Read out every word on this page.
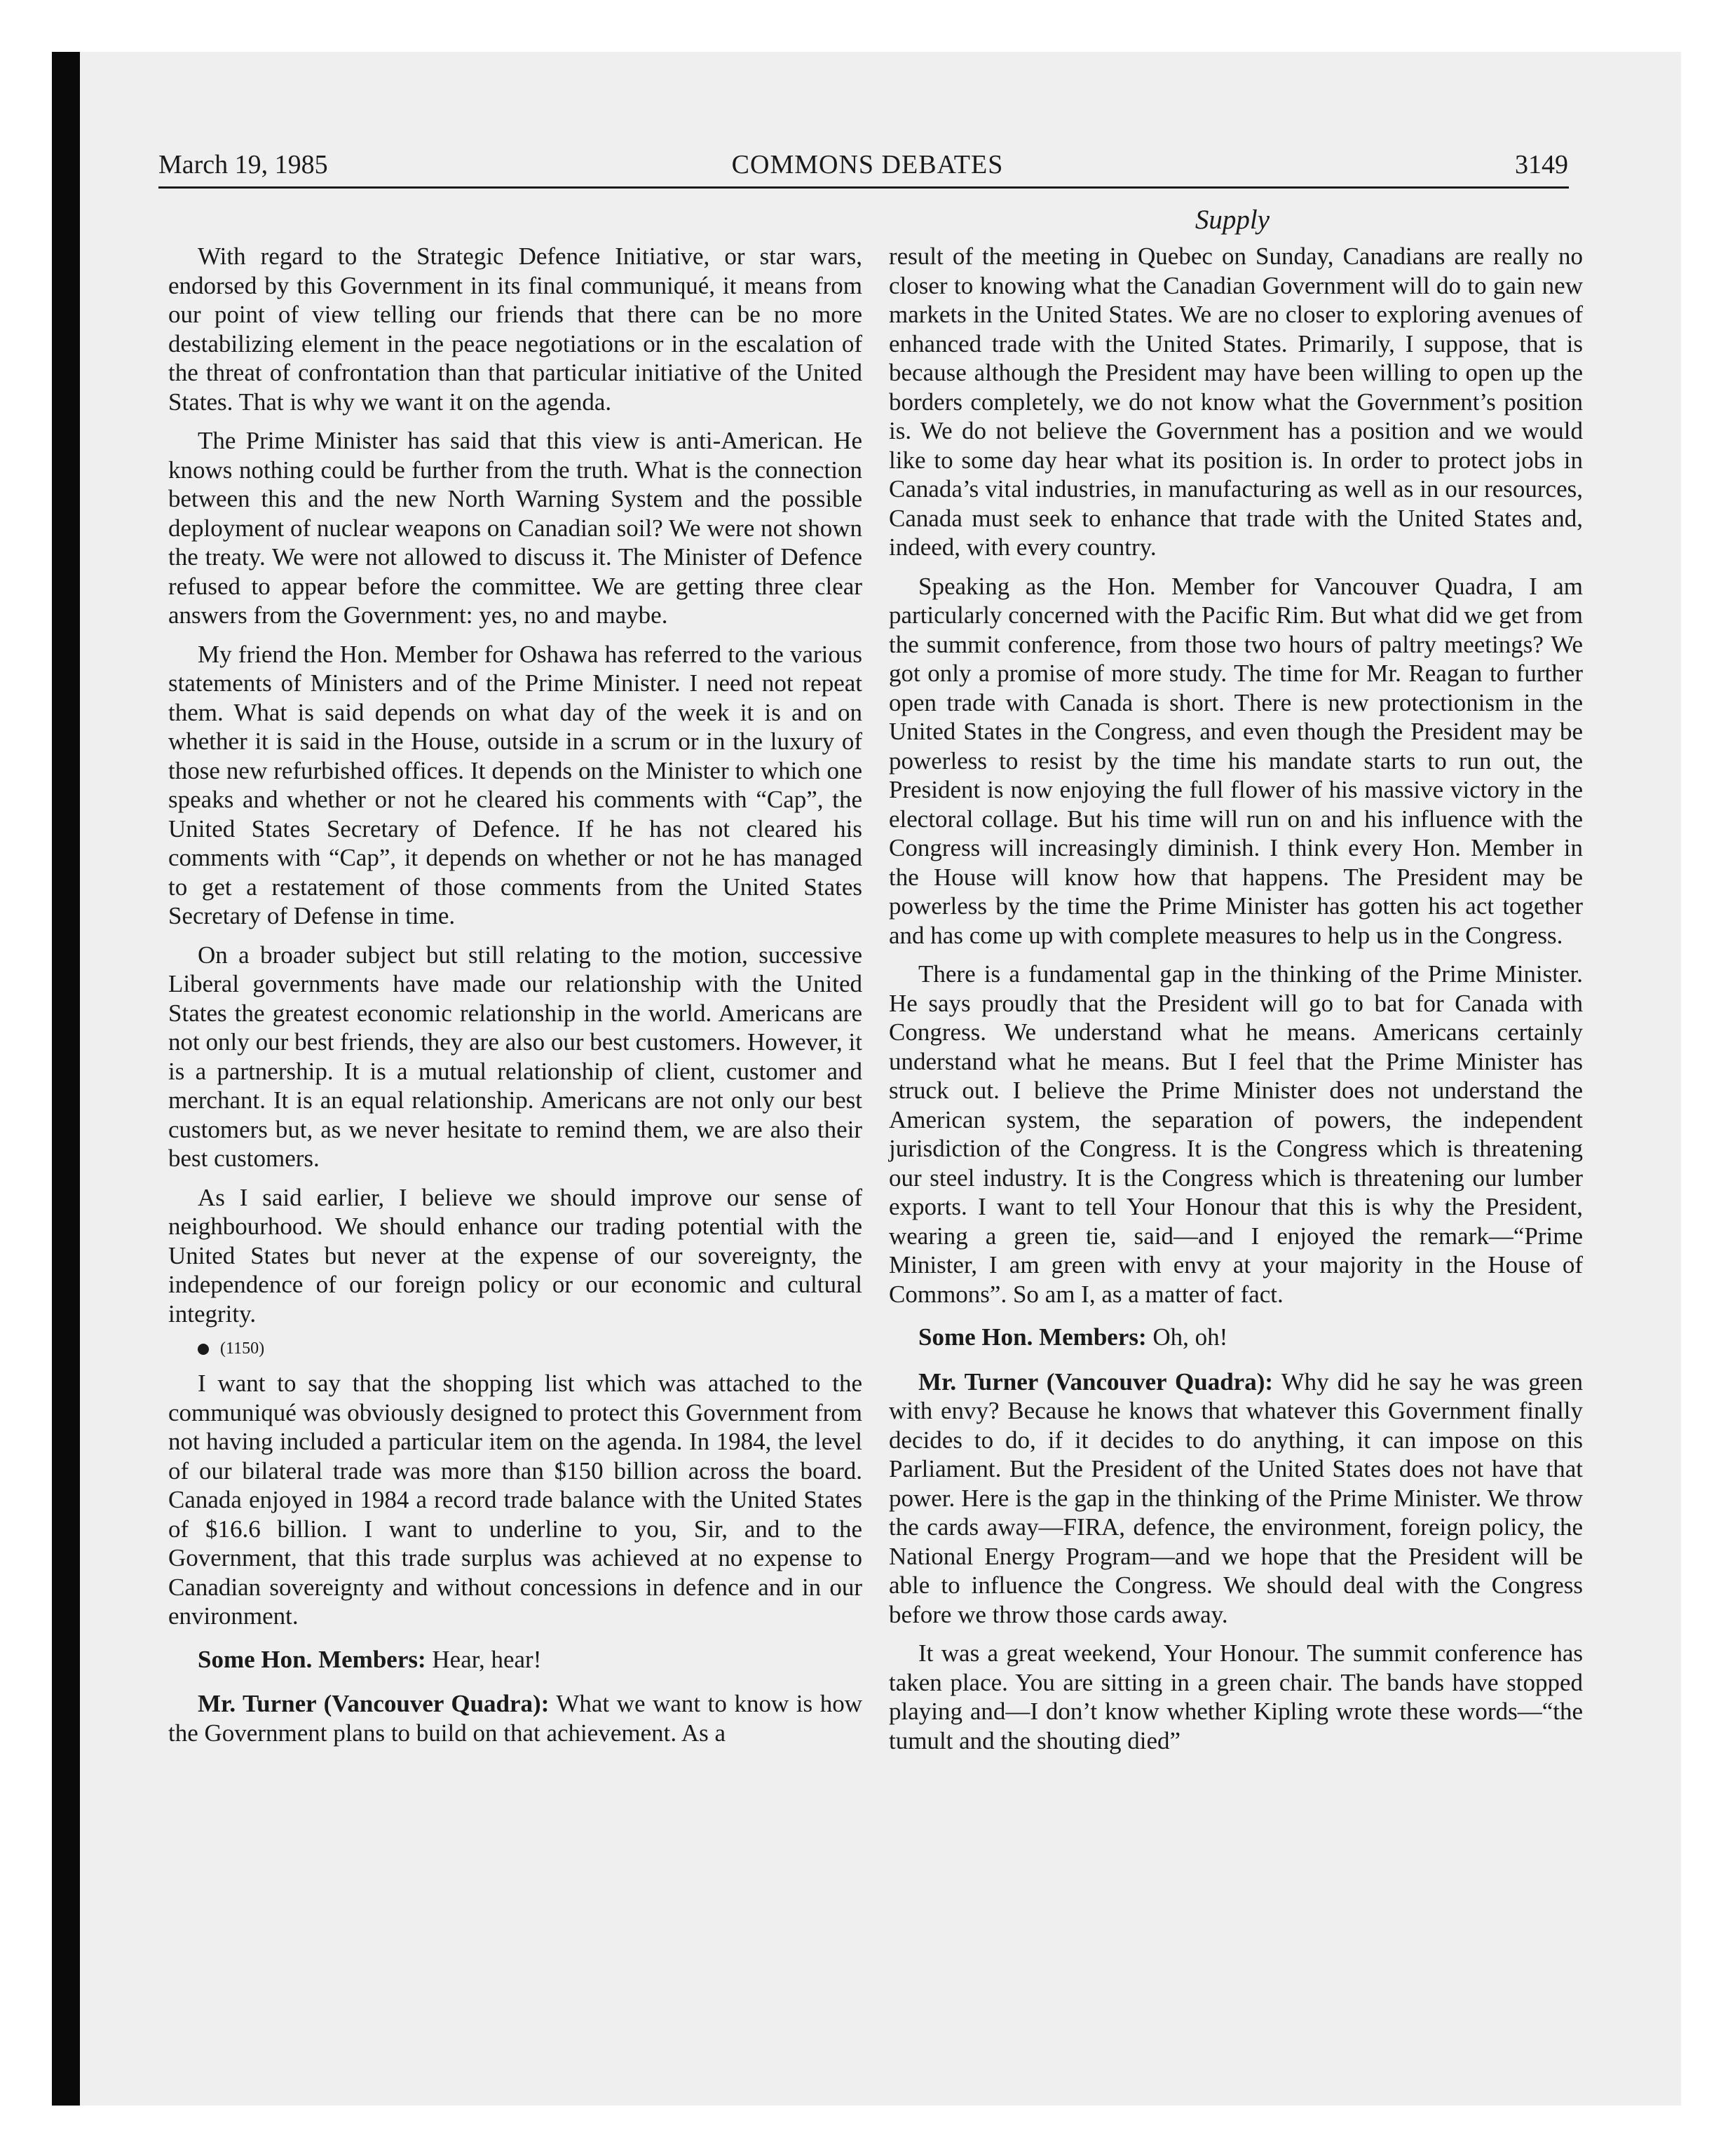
March 19, 1985	COMMONS DEBATES	3149
Supply

With regard to the Strategic Defence Initiative, or star wars, endorsed by this Government in its final communiqué, it means from our point of view telling our friends that there can be no more destabilizing element in the peace negotiations or in the escalation of the threat of confrontation than that particular initiative of the United States. That is why we want it on the agenda.

The Prime Minister has said that this view is anti-American. He knows nothing could be further from the truth. What is the connection between this and the new North Warning System and the possible deployment of nuclear weapons on Canadian soil? We were not shown the treaty. We were not allowed to discuss it. The Minister of Defence refused to appear before the committee. We are getting three clear answers from the Government: yes, no and maybe.

My friend the Hon. Member for Oshawa has referred to the various statements of Ministers and of the Prime Minister. I need not repeat them. What is said depends on what day of the week it is and on whether it is said in the House, outside in a scrum or in the luxury of those new refurbished offices. It depends on the Minister to which one speaks and whether or not he cleared his comments with “Cap”, the United States Secretary of Defence. If he has not cleared his comments with “Cap”, it depends on whether or not he has managed to get a restatement of those comments from the United States Secretary of Defense in time.

On a broader subject but still relating to the motion, successive Liberal governments have made our relationship with the United States the greatest economic relationship in the world. Americans are not only our best friends, they are also our best customers. However, it is a partnership. It is a mutual relationship of client, customer and merchant. It is an equal relationship. Americans are not only our best customers but, as we never hesitate to remind them, we are also their best customers.

As I said earlier, I believe we should improve our sense of neighbourhood. We should enhance our trading potential with the United States but never at the expense of our sovereignty, the independence of our foreign policy or our economic and cultural integrity.

(1150)

I want to say that the shopping list which was attached to the communiqué was obviously designed to protect this Government from not having included a particular item on the agenda. In 1984, the level of our bilateral trade was more than $150 billion across the board. Canada enjoyed in 1984 a record trade balance with the United States of $16.6 billion. I want to underline to you, Sir, and to the Government, that this trade surplus was achieved at no expense to Canadian sovereignty and without concessions in defence and in our environment.

Some Hon. Members: Hear, hear!

Mr. Turner (Vancouver Quadra): What we want to know is how the Government plans to build on that achievement. As a

result of the meeting in Quebec on Sunday, Canadians are really no closer to knowing what the Canadian Government will do to gain new markets in the United States. We are no closer to exploring avenues of enhanced trade with the United States. Primarily, I suppose, that is because although the President may have been willing to open up the borders completely, we do not know what the Government’s position is. We do not believe the Government has a position and we would like to some day hear what its position is. In order to protect jobs in Canada’s vital industries, in manufacturing as well as in our resources, Canada must seek to enhance that trade with the United States and, indeed, with every country.

Speaking as the Hon. Member for Vancouver Quadra, I am particularly concerned with the Pacific Rim. But what did we get from the summit conference, from those two hours of paltry meetings? We got only a promise of more study. The time for Mr. Reagan to further open trade with Canada is short. There is new protectionism in the United States in the Congress, and even though the President may be powerless to resist by the time his mandate starts to run out, the President is now enjoying the full flower of his massive victory in the electoral collage. But his time will run on and his influence with the Congress will increasingly diminish. I think every Hon. Member in the House will know how that happens. The President may be powerless by the time the Prime Minister has gotten his act together and has come up with complete measures to help us in the Congress.

There is a fundamental gap in the thinking of the Prime Minister. He says proudly that the President will go to bat for Canada with Congress. We understand what he means. Americans certainly understand what he means. But I feel that the Prime Minister has struck out. I believe the Prime Minister does not understand the American system, the separation of powers, the independent jurisdiction of the Congress. It is the Congress which is threatening our steel industry. It is the Congress which is threatening our lumber exports. I want to tell Your Honour that this is why the President, wearing a green tie, said—and I enjoyed the remark—“Prime Minister, I am green with envy at your majority in the House of Commons”. So am I, as a matter of fact.

Some Hon. Members: Oh, oh!

Mr. Turner (Vancouver Quadra): Why did he say he was green with envy? Because he knows that whatever this Government finally decides to do, if it decides to do anything, it can impose on this Parliament. But the President of the United States does not have that power. Here is the gap in the thinking of the Prime Minister. We throw the cards away—FIRA, defence, the environment, foreign policy, the National Energy Program—and we hope that the President will be able to influence the Congress. We should deal with the Congress before we throw those cards away.

It was a great weekend, Your Honour. The summit conference has taken place. You are sitting in a green chair. The bands have stopped playing and—I don’t know whether Kipling wrote these words—“the tumult and the shouting died”
